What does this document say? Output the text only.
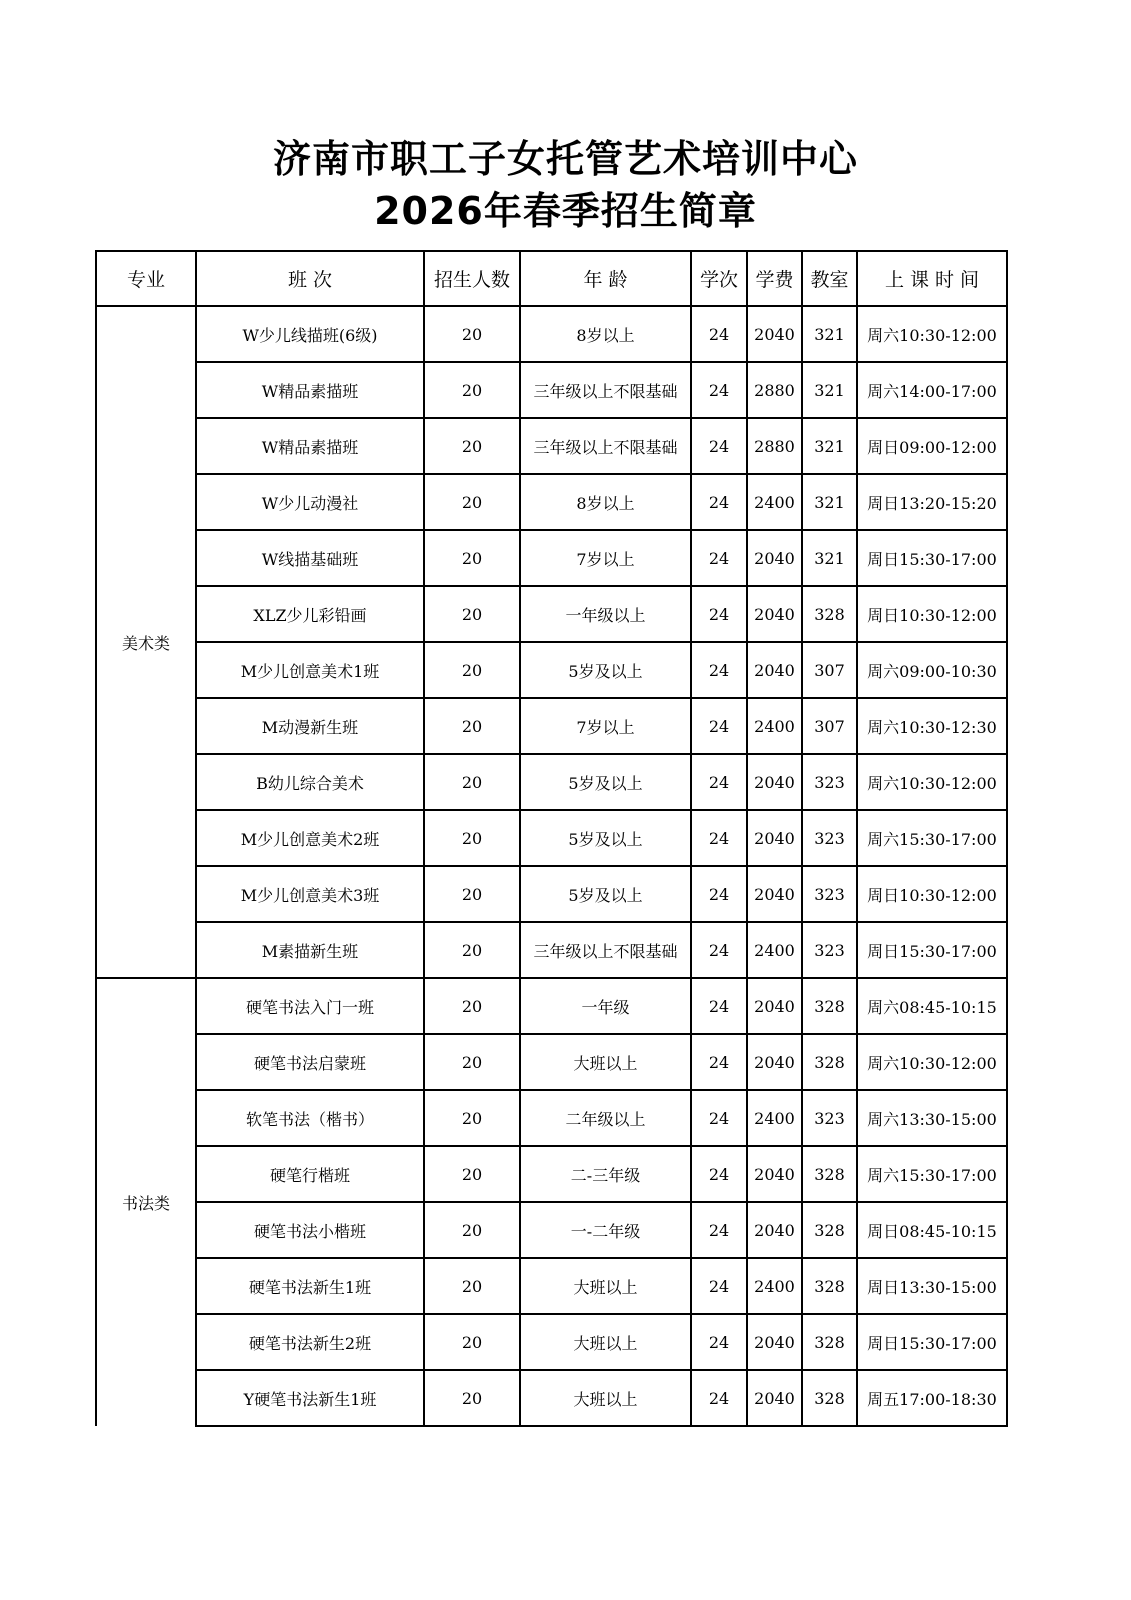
济南市职工子女托管艺术培训中心
2026年春季招生简章
专业	班 次	招生人数	年 龄	学次	学费	教室	上 课 时 间
美术类	W少儿线描班(6级)	20	8岁以上	24	2040	321	周六10:30-12:00
	W精品素描班	20	三年级以上不限基础	24	2880	321	周六14:00-17:00
	W精品素描班	20	三年级以上不限基础	24	2880	321	周日09:00-12:00
	W少儿动漫社	20	8岁以上	24	2400	321	周日13:20-15:20
	W线描基础班	20	7岁以上	24	2040	321	周日15:30-17:00
	XLZ少儿彩铅画	20	一年级以上	24	2040	328	周日10:30-12:00
	M少儿创意美术1班	20	5岁及以上	24	2040	307	周六09:00-10:30
	M动漫新生班	20	7岁以上	24	2400	307	周六10:30-12:30
	B幼儿综合美术	20	5岁及以上	24	2040	323	周六10:30-12:00
	M少儿创意美术2班	20	5岁及以上	24	2040	323	周六15:30-17:00
	M少儿创意美术3班	20	5岁及以上	24	2040	323	周日10:30-12:00
	M素描新生班	20	三年级以上不限基础	24	2400	323	周日15:30-17:00
书法类	硬笔书法入门一班	20	一年级	24	2040	328	周六08:45-10:15
	硬笔书法启蒙班	20	大班以上	24	2040	328	周六10:30-12:00
	软笔书法（楷书）	20	二年级以上	24	2400	323	周六13:30-15:00
	硬笔行楷班	20	二-三年级	24	2040	328	周六15:30-17:00
	硬笔书法小楷班	20	一-二年级	24	2040	328	周日08:45-10:15
	硬笔书法新生1班	20	大班以上	24	2400	328	周日13:30-15:00
	硬笔书法新生2班	20	大班以上	24	2040	328	周日15:30-17:00
	Y硬笔书法新生1班	20	大班以上	24	2040	328	周五17:00-18:30
